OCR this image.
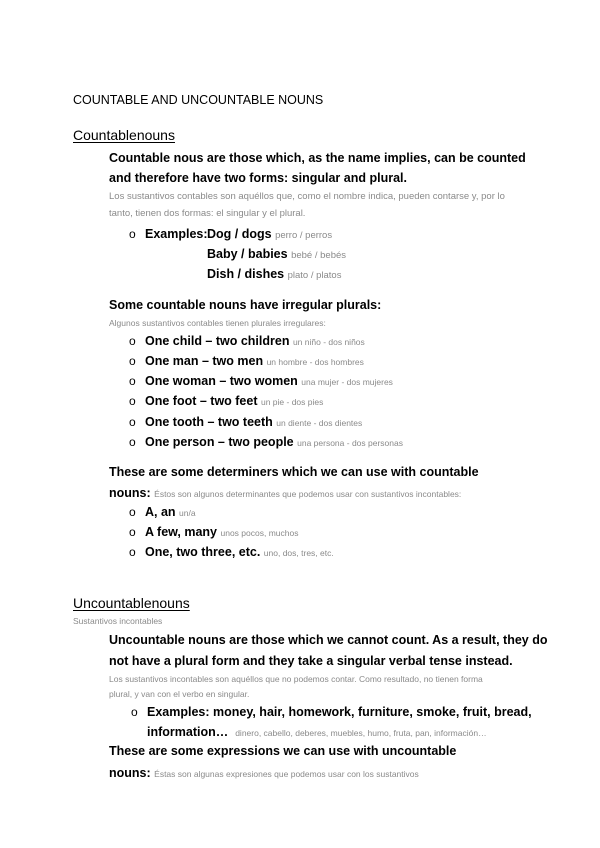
COUNTABLE AND UNCOUNTABLE NOUNS
Countablenouns
Countable nous are those which, as the name implies, can be counted
and therefore have two forms: singular and plural.
Los sustantivos contables son aquéllos que, como el nombre indica, pueden contarse y, por lo
tanto, tienen dos formas: el singular y el plural.
o Examples: Dog / dogs perro / perros
Baby / babies bebé / bebés
Dish / dishes plato / platos
Some countable nouns have irregular plurals:
Algunos sustantivos contables tienen plurales irregulares:
o One child – two children un niño - dos niños
o One man – two men un hombre - dos hombres
o One woman – two women una mujer - dos mujeres
o One foot – two feet un pie - dos pies
o One tooth – two teeth un diente - dos dientes
o One person – two people una persona - dos personas
These are some determiners which we can use with countable
nouns: Éstos son algunos determinantes que podemos usar con sustantivos incontables:
o A, an un/a
o A few, many unos pocos, muchos
o One, two three, etc. uno, dos, tres, etc.
Uncountablenouns
Sustantivos incontables
Uncountable nouns are those which we cannot count. As a result, they do
not have a plural form and they take a singular verbal tense instead.
Los sustantivos incontables son aquéllos que no podemos contar. Como resultado, no tienen forma
plural, y van con el verbo en singular.
o Examples: money, hair, homework, furniture, smoke, fruit, bread,
information… dinero, cabello, deberes, muebles, humo, fruta, pan, información…
These are some expressions we can use with uncountable
nouns: Éstas son algunas expresiones que podemos usar con los sustantivos
